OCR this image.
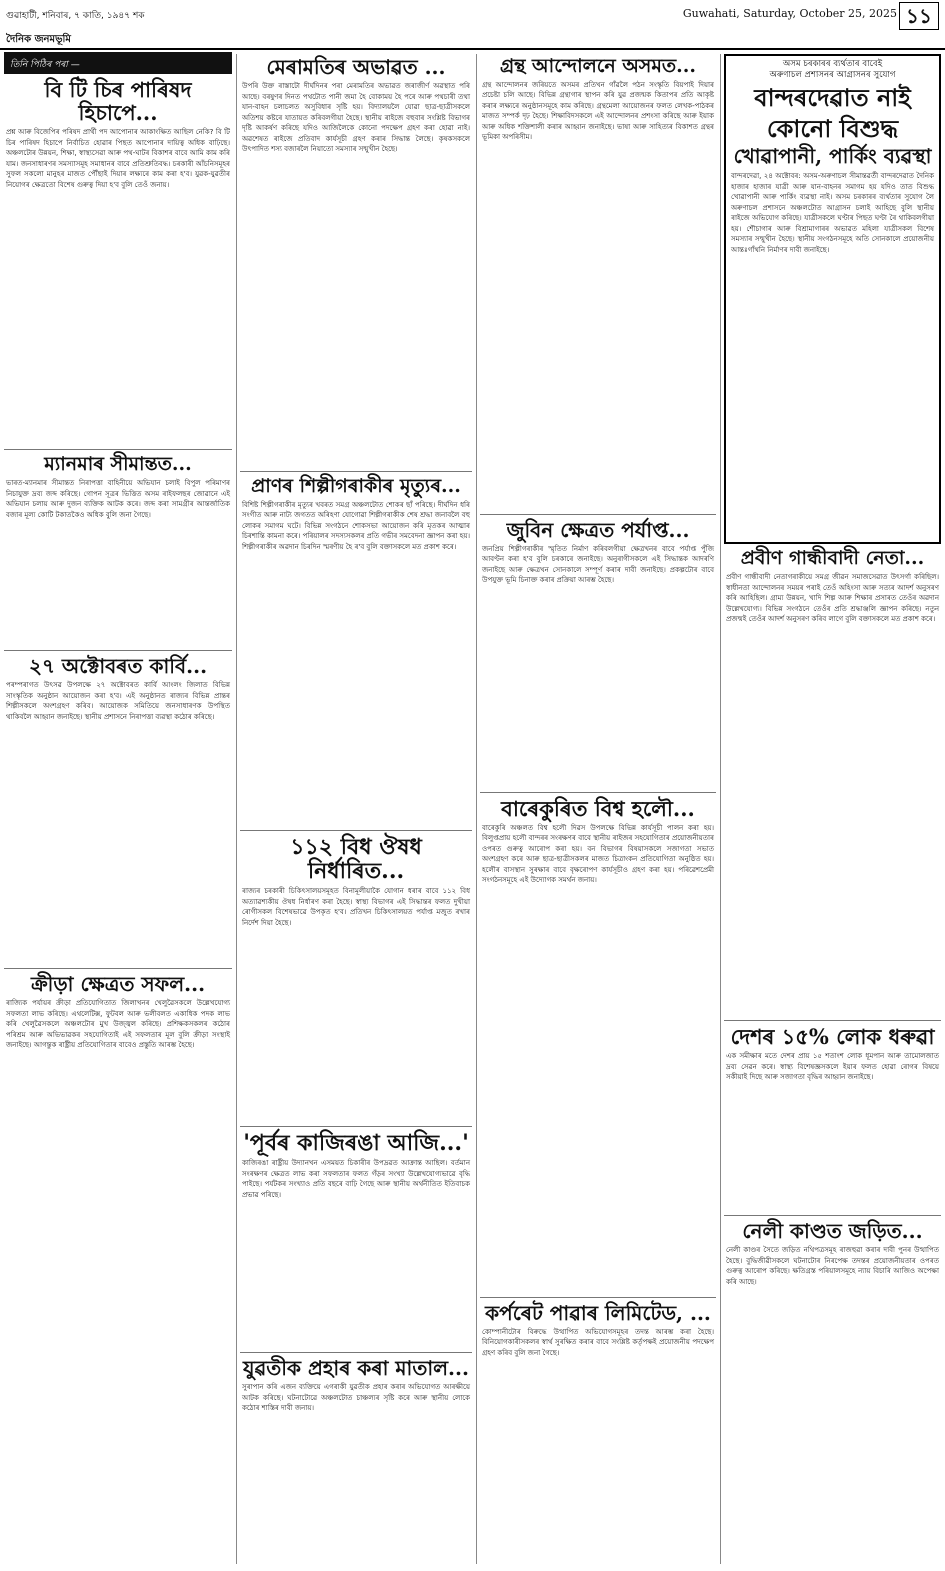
গুৱাহাটী, শনিবাৰ, ৭ কাতি, ১৯৪৭ শক	Guwahati, Saturday, October 25, 2025 ১১
দৈনিক জনমভূমি
তিনি পিঠিৰ পৰা —
বি টি চিৰ পাৰিষদ হিচাপে...

প্ৰশ্ন আৰু বিজেপিৰ পৰিষদ প্ৰাৰ্থী পদ আপোনাৰ আকাংক্ষিত আছিল নেকি? বি টি চিৰ পাৰিষদ হিচাপে নিৰ্বাচিত হোৱাৰ পিছত আপোনাৰ দায়িত্ব অধিক বাঢ়িছে। অঞ্চলটোৰ উন্নয়ন, শিক্ষা, স্বাস্থ্যসেৱা আৰু পথ-ঘাটৰ বিকাশৰ বাবে আমি কাম কৰি যাম। জনসাধাৰণৰ সমস্যাসমূহ সমাধানৰ বাবে প্ৰতিশ্ৰুতিবদ্ধ। চৰকাৰী আঁচনিসমূহৰ সুফল সকলো মানুহৰ মাজত পৌঁছাই দিয়াৰ লক্ষ্যৰে কাম কৰা হ'ব। যুৱক-যুৱতীৰ নিয়োগৰ ক্ষেত্ৰতো বিশেষ গুৰুত্ব দিয়া হ'ব বুলি তেওঁ জনায়।

ম্যানমাৰ সীমান্তত...

ভাৰত-ম্যানমাৰ সীমান্তত নিৰাপত্তা বাহিনীয়ে অভিযান চলাই বিপুল পৰিমাণৰ নিচাযুক্ত দ্ৰব্য জব্দ কৰিছে। গোপন সূত্ৰৰ ভিত্তিত অসম ৰাইফলছৰ জোৱানে এই অভিযান চলায় আৰু দুজন ব্যক্তিক আটক কৰে। জব্দ কৰা সামগ্ৰীৰ আন্তৰ্জাতিক বজাৰ মূল্য কোটি টকাতকৈও অধিক বুলি জনা গৈছে।

২৭ অক্টোবৰত কাৰ্বি...

পৰম্পৰাগত উৎসৱ উপলক্ষে ২৭ অক্টোবৰত কাৰ্বি আংলং জিলাত বিভিন্ন সাংস্কৃতিক অনুষ্ঠান আয়োজন কৰা হ'ব। এই অনুষ্ঠানত ৰাজ্যৰ বিভিন্ন প্ৰান্তৰ শিল্পীসকলে অংশগ্ৰহণ কৰিব। আয়োজক সমিতিয়ে জনসাধাৰণক উপস্থিত থাকিবলৈ আহ্বান জনাইছে। স্থানীয় প্ৰশাসনে নিৰাপত্তা ব্যৱস্থা কঠোৰ কৰিছে।

ক্ৰীড়া ক্ষেত্ৰত সফল...

ৰাজ্যিক পৰ্যায়ৰ ক্ৰীড়া প্ৰতিযোগিতাত জিলাখনৰ খেলুৱৈসকলে উল্লেখযোগ্য সফলতা লাভ কৰিছে। এথলেটিক্স, ফুটবল আৰু ভলীবলত একাধিক পদক লাভ কৰি খেলুৱৈসকলে অঞ্চলটোৰ মুখ উজ্জ্বল কৰিছে। প্ৰশিক্ষকসকলৰ কঠোৰ পৰিশ্ৰম আৰু অভিভাৱকৰ সহযোগিতাই এই সফলতাৰ মূল বুলি ক্ৰীড়া সংস্থাই জনাইছে। আগন্তুক ৰাষ্ট্ৰীয় প্ৰতিযোগিতাৰ বাবেও প্ৰস্তুতি আৰম্ভ হৈছে।

মেৰামতিৰ অভাৱত ...

উপৰি উক্ত ৰাস্তাটো দীৰ্ঘদিনৰ পৰা মেৰামতিৰ অভাৱত জৰাজীৰ্ণ অৱস্থাত পৰি আছে। বৰষুণৰ দিনত পথটোত পানী জমা হৈ বোকাময় হৈ পৰে আৰু পথচাৰী তথা যান-বাহন চলাচলত অসুবিধাৰ সৃষ্টি হয়। বিদ্যালয়লৈ যোৱা ছাত্ৰ-ছাত্ৰীসকলে অতিশয় কষ্টৰে যাতায়ত কৰিবলগীয়া হৈছে। স্থানীয় ৰাইজে বহুবাৰ সংশ্লিষ্ট বিভাগৰ দৃষ্টি আকৰ্ষণ কৰিছে যদিও আজিলৈকে কোনো পদক্ষেপ গ্ৰহণ কৰা হোৱা নাই। অৱশেষত ৰাইজে প্ৰতিবাদ কাৰ্যসূচী গ্ৰহণ কৰাৰ সিদ্ধান্ত লৈছে। কৃষকসকলে উৎপাদিত শস্য বজাৰলৈ নিয়াতো সমস্যাৰ সন্মুখীন হৈছে।

প্ৰাণৰ শিল্পীগৰাকীৰ মৃত্যুৰ...

বিশিষ্ট শিল্পীগৰাকীৰ মৃত্যুৰ খবৰত সমগ্ৰ অঞ্চলটোত শোকৰ ছাঁ পৰিছে। দীৰ্ঘদিন ধৰি সংগীত আৰু নাট্য জগতত অৰিহণা যোগোৱা শিল্পীগৰাকীক শেষ শ্ৰদ্ধা জনাবলৈ বহু লোকৰ সমাগম ঘটে। বিভিন্ন সংগঠনে শোকসভা আয়োজন কৰি মৃতকৰ আত্মাৰ চিৰশান্তি কামনা কৰে। পৰিয়ালৰ সদস্যসকলৰ প্ৰতি গভীৰ সমবেদনা জ্ঞাপন কৰা হয়। শিল্পীগৰাকীৰ অৱদান চিৰদিন স্মৰণীয় হৈ ৰ'ব বুলি বক্তাসকলে মত প্ৰকাশ কৰে।

১১২ বিধ ঔষধ নিৰ্ধাৰিত...

ৰাজ্যৰ চৰকাৰী চিকিৎসালয়সমূহত বিনামূলীয়াকৈ যোগান ধৰাৰ বাবে ১১২ বিধ অত্যাৱশ্যকীয় ঔষধ নিৰ্ধাৰণ কৰা হৈছে। স্বাস্থ্য বিভাগৰ এই সিদ্ধান্তৰ ফলত দুখীয়া ৰোগীসকল বিশেষভাৱে উপকৃত হ'ব। প্ৰতিখন চিকিৎসালয়ত পৰ্যাপ্ত মজুত ৰখাৰ নিৰ্দেশ দিয়া হৈছে।

'পূৰ্বৰ কাজিৰঙা আজি...'

কাজিৰঙা ৰাষ্ট্ৰীয় উদ্যানখন এসময়ত চিকাৰীৰ উপদ্ৰৱত আক্ৰান্ত আছিল। বৰ্তমান সংৰক্ষণৰ ক্ষেত্ৰত লাভ কৰা সফলতাৰ ফলত গঁড়ৰ সংখ্যা উল্লেখযোগ্যভাৱে বৃদ্ধি পাইছে। পৰ্যটকৰ সংখ্যাও প্ৰতি বছৰে বাঢ়ি গৈছে আৰু স্থানীয় অৰ্থনীতিত ইতিবাচক প্ৰভাৱ পৰিছে।

যুৱতীক প্ৰহাৰ কৰা মাতাল...

সুৰাপান কৰি এজন ব্যক্তিয়ে এগৰাকী যুৱতীক প্ৰহাৰ কৰাৰ অভিযোগত আৰক্ষীয়ে আটক কৰিছে। ঘটনাটোৱে অঞ্চলটোত চাঞ্চল্যৰ সৃষ্টি কৰে আৰু স্থানীয় লোকে কঠোৰ শাস্তিৰ দাবী জনায়।

গ্ৰন্থ আন্দোলনে অসমত...

গ্ৰন্থ আন্দোলনৰ জৰিয়তে অসমৰ প্ৰতিখন গাঁৱলৈ পঠন সংস্কৃতি বিয়পাই দিয়াৰ প্ৰচেষ্টা চলি আছে। বিভিন্ন গ্ৰন্থাগাৰ স্থাপন কৰি যুৱ প্ৰজন্মক কিতাপৰ প্ৰতি আকৃষ্ট কৰাৰ লক্ষ্যৰে অনুষ্ঠানসমূহে কাম কৰিছে। গ্ৰন্থমেলা আয়োজনৰ ফলত লেখক-পাঠকৰ মাজত সম্পৰ্ক দৃঢ় হৈছে। শিক্ষাবিদসকলে এই আন্দোলনৰ প্ৰশংসা কৰিছে আৰু ইয়াক আৰু অধিক শক্তিশালী কৰাৰ আহ্বান জনাইছে। ভাষা আৰু সাহিত্যৰ বিকাশত গ্ৰন্থৰ ভূমিকা অপৰিসীম।

জুবিন ক্ষেত্ৰত পৰ্যাপ্ত...

জনপ্ৰিয় শিল্পীগৰাকীৰ স্মৃতিত নিৰ্মাণ কৰিবলগীয়া ক্ষেত্ৰখনৰ বাবে পৰ্যাপ্ত পুঁজি আবণ্টন কৰা হ'ব বুলি চৰকাৰে জনাইছে। অনুৰাগীসকলে এই সিদ্ধান্তক আদৰণি জনাইছে আৰু ক্ষেত্ৰখন সোনকালে সম্পূৰ্ণ কৰাৰ দাবী জনাইছে। প্ৰকল্পটোৰ বাবে উপযুক্ত ভূমি চিনাক্ত কৰাৰ প্ৰক্ৰিয়া আৰম্ভ হৈছে।

বাৰেকুৰিত বিশ্ব হলৌ...

বাৰেকুৰি অঞ্চলত বিশ্ব হলৌ দিৱস উপলক্ষে বিভিন্ন কাৰ্যসূচী পালন কৰা হয়। বিলুপ্তপ্ৰায় হলৌ বান্দৰৰ সংৰক্ষণৰ বাবে স্থানীয় ৰাইজৰ সহযোগিতাৰ প্ৰয়োজনীয়তাৰ ওপৰত গুৰুত্ব আৰোপ কৰা হয়। বন বিভাগৰ বিষয়াসকলে সজাগতা সভাত অংশগ্ৰহণ কৰে আৰু ছাত্ৰ-ছাত্ৰীসকলৰ মাজত চিত্ৰাংকন প্ৰতিযোগিতা অনুষ্ঠিত হয়। হলৌৰ বাসস্থান সুৰক্ষাৰ বাবে বৃক্ষৰোপণ কাৰ্যসূচীও গ্ৰহণ কৰা হয়। পৰিৱেশপ্ৰেমী সংগঠনসমূহে এই উদ্যোগক সমৰ্থন জনায়।

কৰ্পৰেট পাৱাৰ লিমিটেড, ...

কোম্পানীটোৰ বিৰুদ্ধে উত্থাপিত অভিযোগসমূহৰ তদন্ত আৰম্ভ কৰা হৈছে। বিনিয়োগকাৰীসকলৰ স্বাৰ্থ সুৰক্ষিত কৰাৰ বাবে সংশ্লিষ্ট কৰ্তৃপক্ষই প্ৰয়োজনীয় পদক্ষেপ গ্ৰহণ কৰিব বুলি জনা গৈছে।

অসম চৰকাৰৰ ব্যৰ্থতাৰ বাবেই

অৰুণাচল প্ৰশাসনৰ আগ্ৰাসনৰ সুযোগ

বান্দৰদেৱাত নাই
কোনো বিশুদ্ধ
খোৱাপানী, পাৰ্কিং ব্যৱস্থা

বান্দৰদেৱা, ২৪ অক্টোবৰ: অসম-অৰুণাচল সীমান্তৱৰ্তী বান্দৰদেৱাত দৈনিক হাজাৰ হাজাৰ যাত্ৰী আৰু যান-বাহনৰ সমাগম হয় যদিও তাত বিশুদ্ধ খোৱাপানী আৰু পাৰ্কিং ব্যৱস্থা নাই। অসম চৰকাৰৰ ব্যৰ্থতাৰ সুযোগ লৈ অৰুণাচল প্ৰশাসনে অঞ্চলটোত আগ্ৰাসন চলাই আহিছে বুলি স্থানীয় ৰাইজে অভিযোগ কৰিছে। যাত্ৰীসকলে ঘণ্টাৰ পিছত ঘণ্টা ৰৈ থাকিবলগীয়া হয়। শৌচাগাৰ আৰু বিশ্ৰামাগাৰৰ অভাৱত মহিলা যাত্ৰীসকল বিশেষ সমস্যাৰ সন্মুখীন হৈছে। স্থানীয় সংগঠনসমূহে অতি সোনকালে প্ৰয়োজনীয় আন্তঃগাঁথনি নিৰ্মাণৰ দাবী জনাইছে।

প্ৰবীণ গান্ধীবাদী নেতা...

প্ৰবীণ গান্ধীবাদী নেতাগৰাকীয়ে সমগ্ৰ জীৱন সমাজসেৱাত উৎসৰ্গা কৰিছিল। স্বাধীনতা আন্দোলনৰ সময়ৰ পৰাই তেওঁ অহিংসা আৰু সত্যৰ আদৰ্শ অনুসৰণ কৰি আহিছিল। গ্ৰাম্য উন্নয়ন, খাদি শিল্প আৰু শিক্ষাৰ প্ৰসাৰত তেওঁৰ অৱদান উল্লেখযোগ্য। বিভিন্ন সংগঠনে তেওঁৰ প্ৰতি শ্ৰদ্ধাঞ্জলি জ্ঞাপন কৰিছে। নতুন প্ৰজন্মই তেওঁৰ আদৰ্শ অনুসৰণ কৰিব লাগে বুলি বক্তাসকলে মত প্ৰকাশ কৰে।

দেশৰ ১৫% লোক ধৰুৱা

এক সমীক্ষাৰ মতে দেশৰ প্ৰায় ১৫ শতাংশ লোক ধূমপান আৰু তামোলজাত দ্ৰব্য সেৱন কৰে। স্বাস্থ্য বিশেষজ্ঞসকলে ইয়াৰ ফলত হোৱা ৰোগৰ বিষয়ে সকীয়াই দিছে আৰু সজাগতা বৃদ্ধিৰ আহ্বান জনাইছে।

নেলী কাণ্ডত জড়িত...

নেলী কাণ্ডৰ সৈতে জড়িত নথিপত্ৰসমূহ ৰাজহুৱা কৰাৰ দাবী পুনৰ উত্থাপিত হৈছে। বুদ্ধিজীৱীসকলে ঘটনাটোৰ নিৰপেক্ষ তদন্তৰ প্ৰয়োজনীয়তাৰ ওপৰত গুৰুত্ব আৰোপ কৰিছে। ক্ষতিগ্ৰস্ত পৰিয়ালসমূহে ন্যায় বিচাৰি আজিও অপেক্ষা কৰি আছে।
